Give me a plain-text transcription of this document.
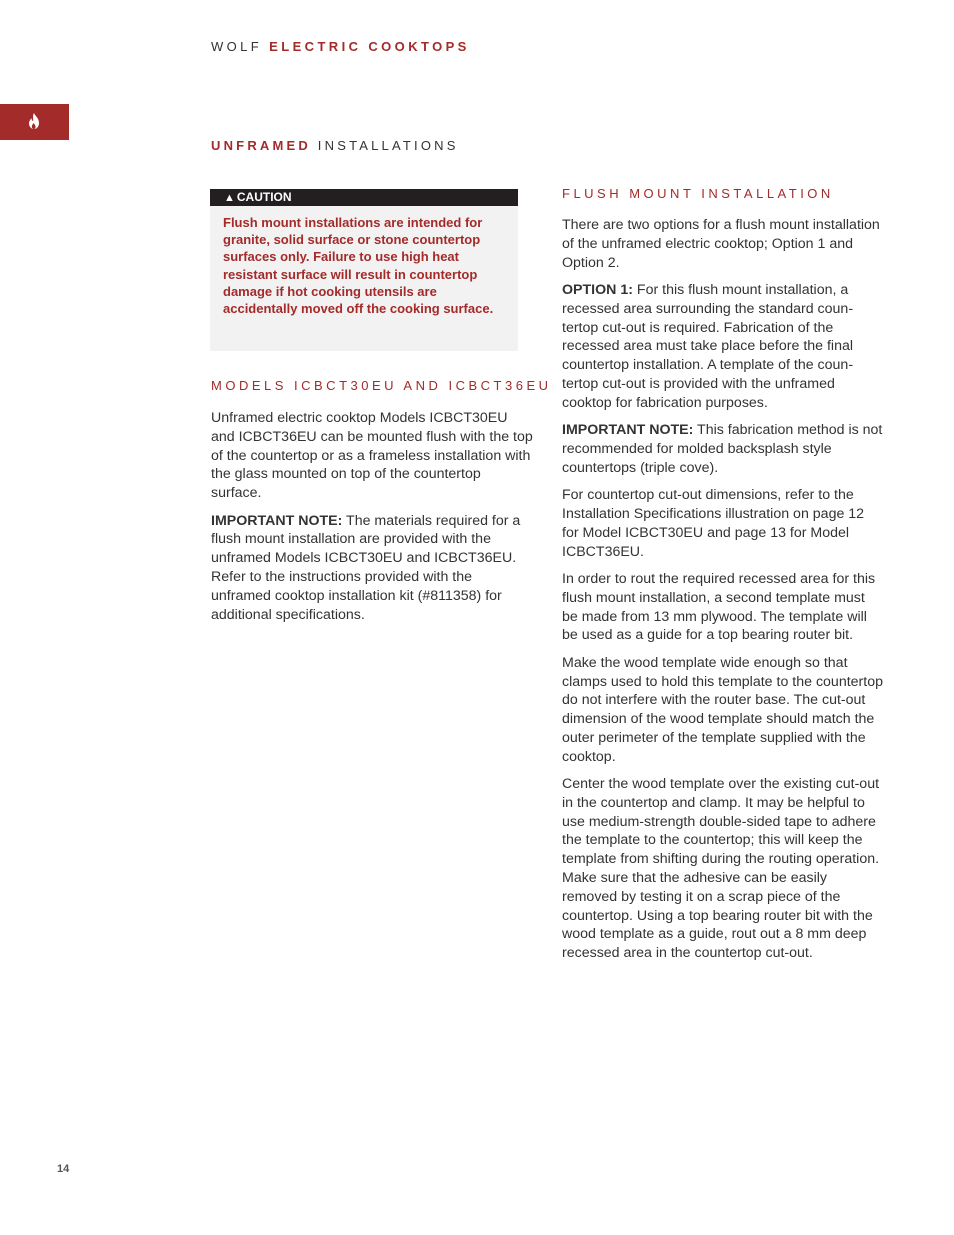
WOLF ELECTRIC COOKTOPS
UNFRAMED INSTALLATIONS
▲ CAUTION
Flush mount installations are intended for granite, solid surface or stone countertop surfaces only. Failure to use high heat resistant surface will result in countertop damage if hot cooking utensils are accidentally moved off the cooking surface.
MODELS ICBCT30EU AND ICBCT36EU

Unframed electric cooktop Models ICBCT30EU and ICBCT36EU can be mounted flush with the top of the countertop or as a frameless installation with the glass mounted on top of the countertop surface.

IMPORTANT NOTE: The materials required for a flush mount installation are provided with the unframed Models ICBCT30EU and ICBCT36EU. Refer to the instructions provided with the unframed cooktop installation kit (#811358) for additional specifications.

FLUSH MOUNT INSTALLATION

There are two options for a flush mount installation of the unframed electric cooktop; Option 1 and Option 2.

OPTION 1: For this flush mount installation, a recessed area surrounding the standard countertop cut-out is required. Fabrication of the recessed area must take place before the final countertop installation. A template of the countertop cut-out is provided with the unframed cooktop for fabrication purposes.

IMPORTANT NOTE: This fabrication method is not recommended for molded backsplash style countertops (triple cove).

For countertop cut-out dimensions, refer to the Installation Specifications illustration on page 12 for Model ICBCT30EU and page 13 for Model ICBCT36EU.

In order to rout the required recessed area for this flush mount installation, a second template must be made from 13 mm plywood. The template will be used as a guide for a top bearing router bit.

Make the wood template wide enough so that clamps used to hold this template to the countertop do not interfere with the router base. The cut-out dimension of the wood template should match the outer perimeter of the template supplied with the cooktop.

Center the wood template over the existing cut-out in the countertop and clamp. It may be helpful to use medium-strength double-sided tape to adhere the template to the countertop; this will keep the template from shifting during the routing operation. Make sure that the adhesive can be easily removed by testing it on a scrap piece of the countertop. Using a top bearing router bit with the wood template as a guide, rout out a 8 mm deep recessed area in the countertop cut-out.

14
